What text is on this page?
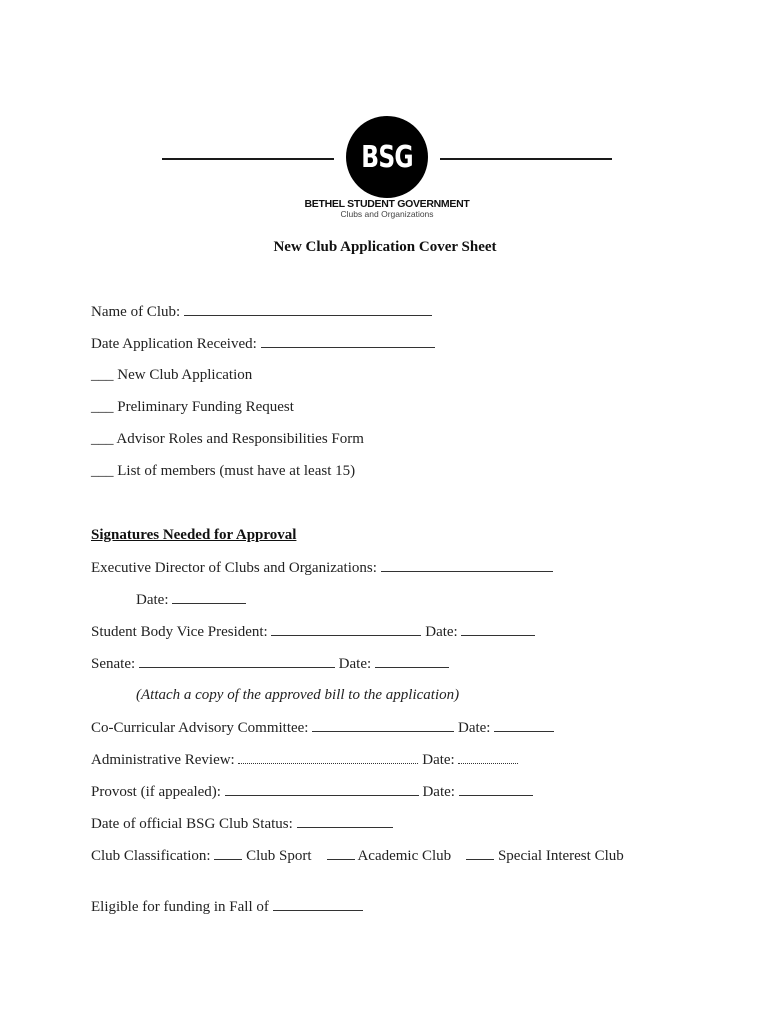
BSG
BETHEL STUDENT GOVERNMENT
Clubs and Organizations
New Club Application Cover Sheet
Name of Club:
Date Application Received:
___ New Club Application
___ Preliminary Funding Request
___ Advisor Roles and Responsibilities Form
___ List of members (must have at least 15)
Signatures Needed for Approval
Executive Director of Clubs and Organizations:
Date:
Student Body Vice President:	Date:
Senate:	Date:
(Attach a copy of the approved bill to the application)
Co-Curricular Advisory Committee:	Date:
Administrative Review:	Date:
Provost (if appealed):	Date:
Date of official BSG Club Status:
Club Classification: Club Sport	Academic Club	Special Interest Club
Eligible for funding in Fall of
